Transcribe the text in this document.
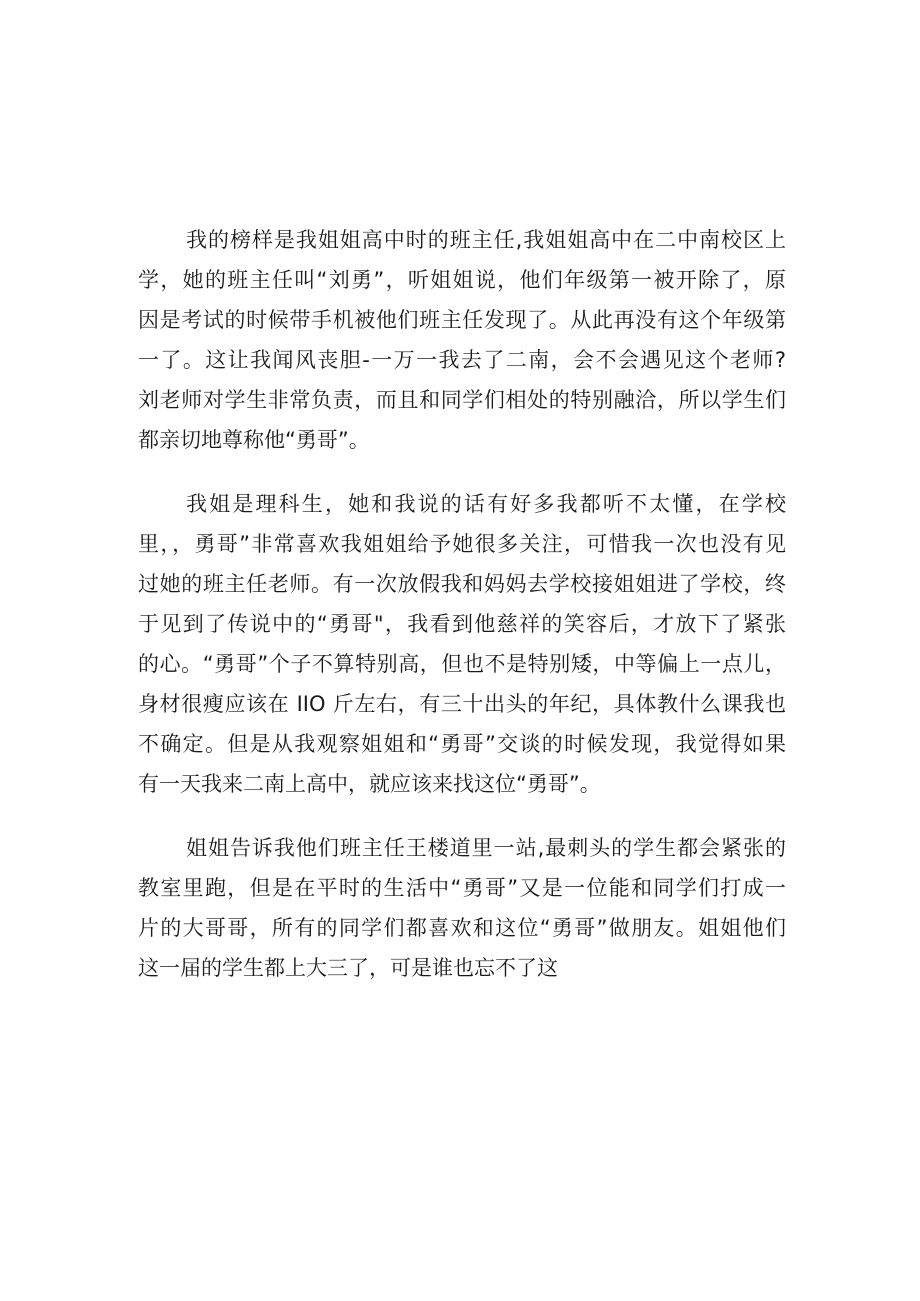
我的榜样是我姐姐高中时的班主任,我姐姐高中在二中南校区上
学，她的班主任叫“刘勇”，听姐姐说，他们年级第一被开除了，原
因是考试的时候带手机被他们班主任发现了。从此再没有这个年级第
一了。这让我闻风丧胆-一万一我去了二南，会不会遇见这个老师?
刘老师对学生非常负责，而且和同学们相处的特别融洽，所以学生们
都亲切地尊称他“勇哥”。
我姐是理科生，她和我说的话有好多我都听不太懂，在学校
里，，勇哥”非常喜欢我姐姐给予她很多关注，可惜我一次也没有见
过她的班主任老师。有一次放假我和妈妈去学校接姐姐进了学校，终
于见到了传说中的“勇哥"，我看到他慈祥的笑容后，才放下了紧张
的心。“勇哥”个子不算特别高，但也不是特别矮，中等偏上一点儿，
身材很瘦应该在 IIO 斤左右，有三十出头的年纪，具体教什么课我也
不确定。但是从我观察姐姐和“勇哥”交谈的时候发现，我觉得如果
有一天我来二南上高中，就应该来找这位“勇哥”。
姐姐告诉我他们班主任王楼道里一站,最刺头的学生都会紧张的
教室里跑，但是在平时的生活中“勇哥”又是一位能和同学们打成一
片的大哥哥，所有的同学们都喜欢和这位“勇哥”做朋友。姐姐他们
这一届的学生都上大三了，可是谁也忘不了这
